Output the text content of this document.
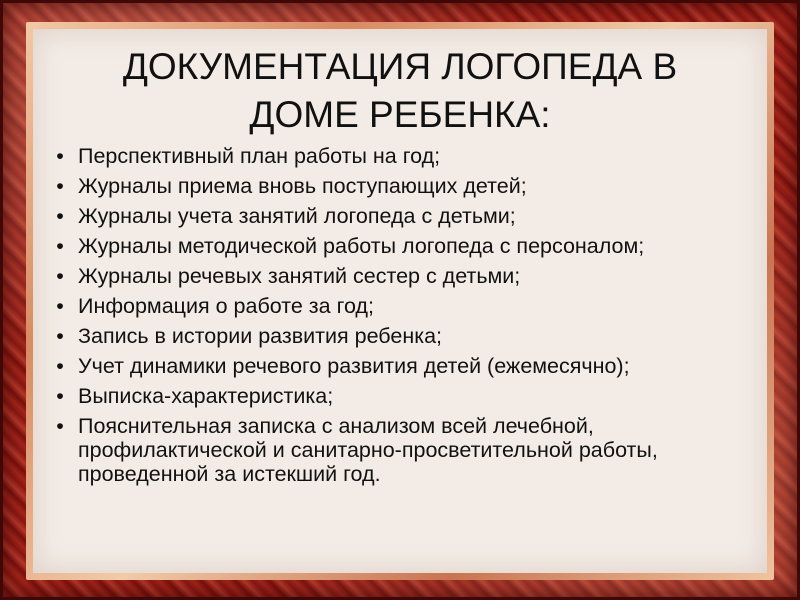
ДОКУМЕНТАЦИЯ ЛОГОПЕДА В
ДОМЕ РЕБЕНКА:
• Перспективный план работы на год;
• Журналы приема вновь поступающих детей;
• Журналы учета занятий логопеда с детьми;
• Журналы методической работы логопеда с персоналом;
• Журналы речевых занятий сестер с детьми;
• Информация о работе за год;
• Запись в истории развития ребенка;
• Учет динамики речевого развития детей (ежемесячно);
• Выписка-характеристика;
• Пояснительная записка с анализом всей лечебной, профилактической и санитарно-просветительной работы, проведенной за истекший год.
